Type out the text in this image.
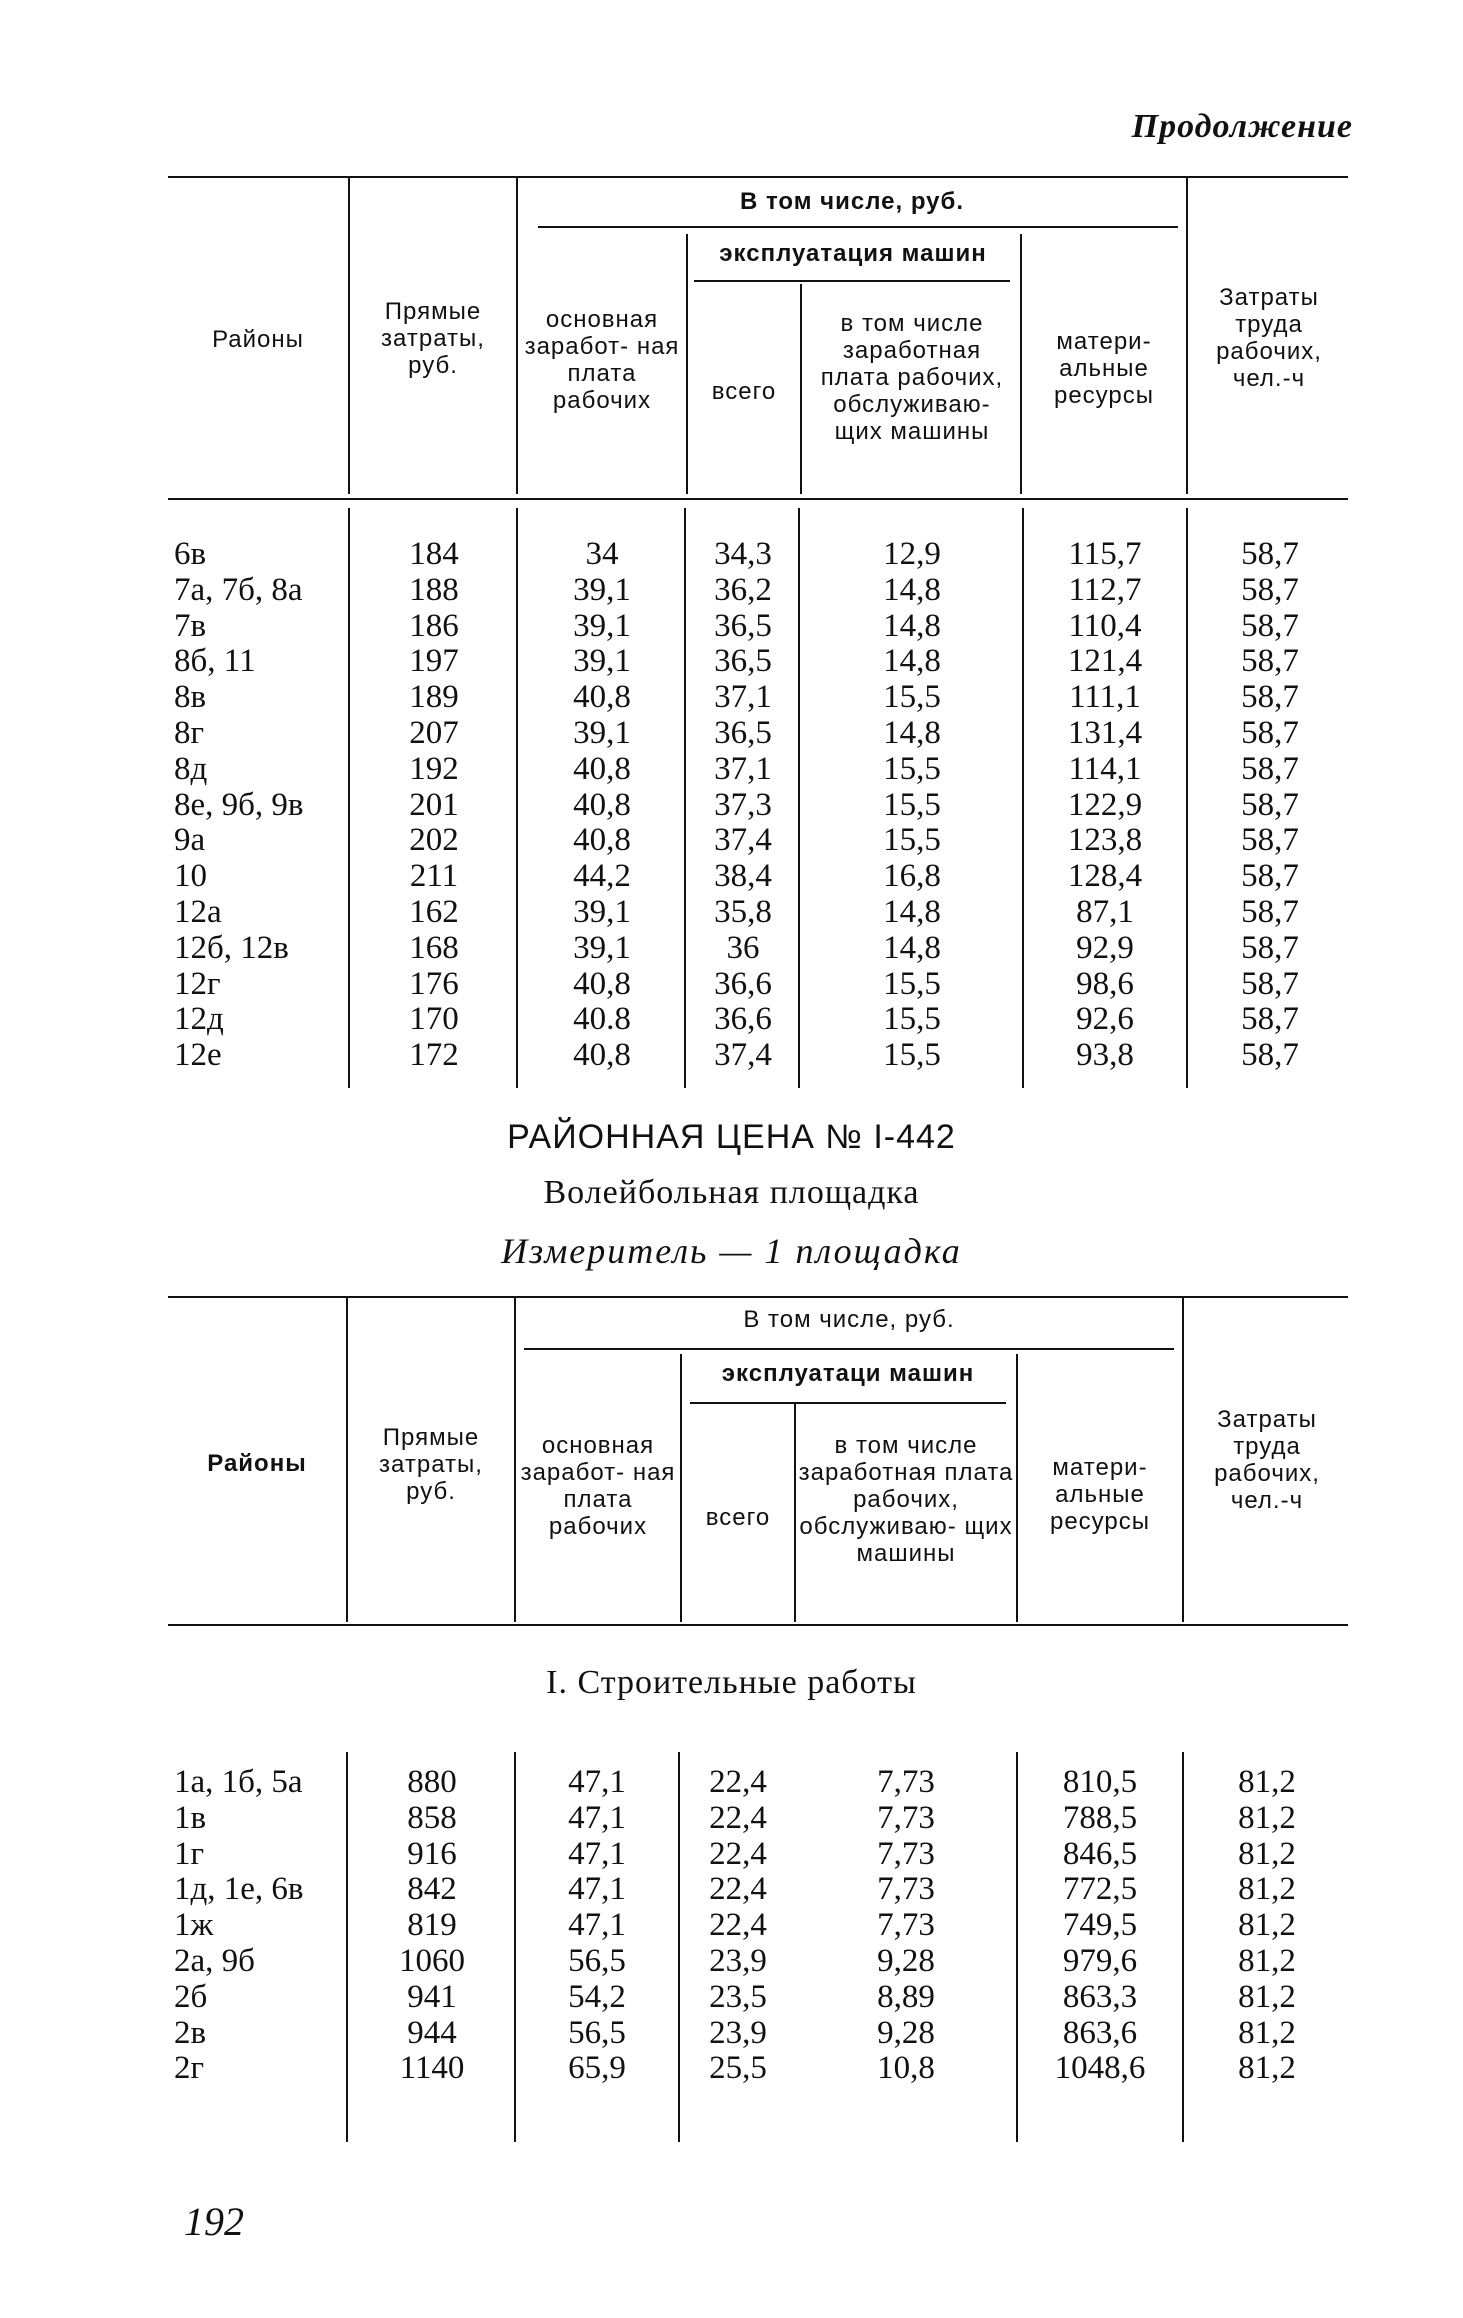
Продолжение
Районы
Прямые затраты, руб.
В том числе, руб.
эксплуатация машин
основная заработ- ная плата рабочих	всего
в том числе заработная плата рабочих, обслуживаю- щих машины
матери- альные ресурсы
Затраты труда рабочих, чел.-ч
6в	184	34	34,3	12,9	115,7	58,7
7а, 7б, 8а	188	39,1	36,2	14,8	112,7	58,7
7в	186	39,1	36,5	14,8	110,4	58,7
8б, 11	197	39,1	36,5	14,8	121,4	58,7
8в	189	40,8	37,1	15,5	111,1	58,7
8г	207	39,1	36,5	14,8	131,4	58,7
8д	192	40,8	37,1	15,5	114,1	58,7
8е, 9б, 9в	201	40,8	37,3	15,5	122,9	58,7
9а	202	40,8	37,4	15,5	123,8	58,7
10	211	44,2	38,4	16,8	128,4	58,7
12а	162	39,1	35,8	14,8	87,1	58,7
12б, 12в	168	39,1	36	14,8	92,9	58,7
12г	176	40,8	36,6	15,5	98,6	58,7
12д	170	40.8	36,6	15,5	92,6	58,7
12е	172	40,8	37,4	15,5	93,8	58,7
РАЙОННАЯ ЦЕНА № I-442
Волейбольная площадка
Измеритель — 1 площадка
Районы
Прямые затраты, руб.
В том числе, руб.
эксплуатаци машин
основная заработ- ная плата рабочих	всего
в том числе заработная плата рабочих, обслуживаю- щих машины
матери- альные ресурсы
Затраты труда рабочих, чел.-ч
1а, 1б, 5а	880	47,1	22,4	7,73	810,5	81,2
1в	858	47,1	22,4	7,73	788,5	81,2
1г	916	47,1	22,4	7,73	846,5	81,2
1д, 1е, 6в	842	47,1	22,4	7,73	772,5	81,2
1ж	819	47,1	22,4	7,73	749,5	81,2
2а, 9б	1060	56,5	23,9	9,28	979,6	81,2
2б	941	54,2	23,5	8,89	863,3	81,2
2в	944	56,5	23,9	9,28	863,6	81,2
2г	1140	65,9	25,5	10,8	1048,6	81,2
I. Строительные работы
192
